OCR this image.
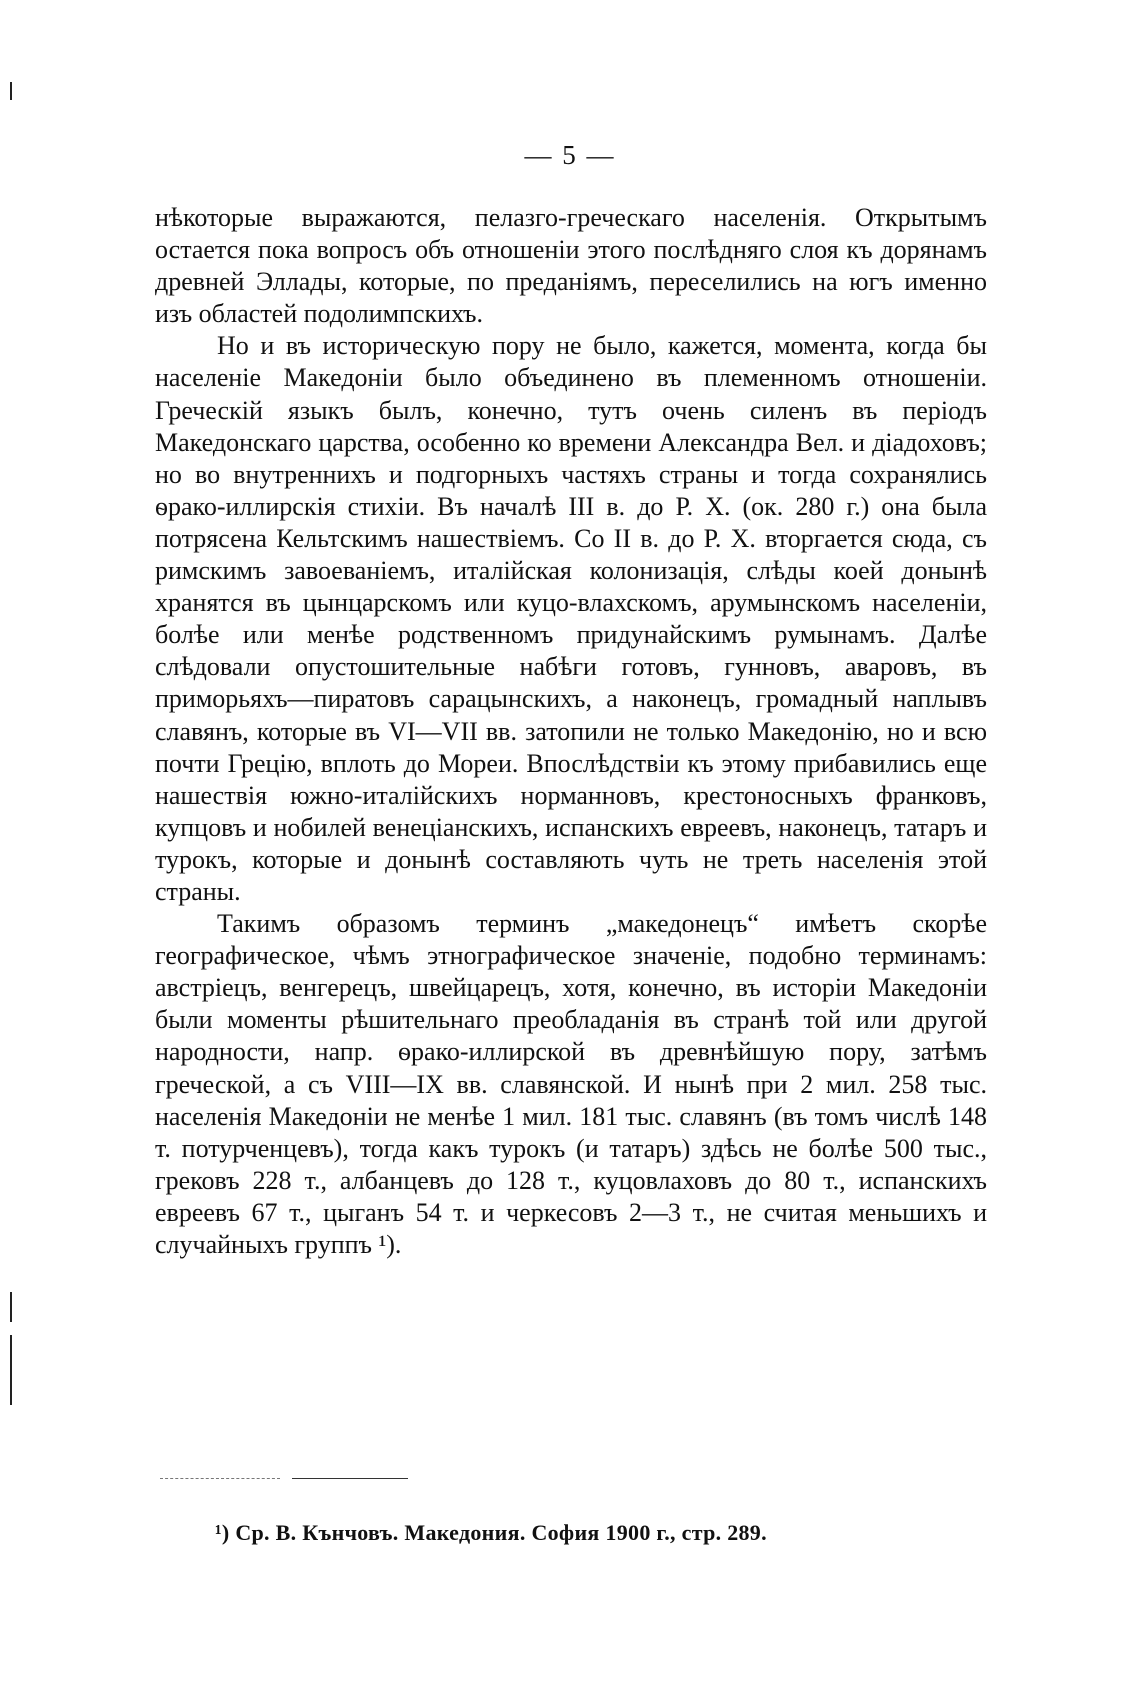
— 5 —

нѣкоторые выражаются, пелазго-греческаго населенія. Открытымъ остается пока вопросъ объ отношеніи этого послѣдняго слоя къ дорянамъ древней Эллады, которые, по преданіямъ, переселились на югъ именно изъ областей подолимпскихъ.

Но и въ историческую пору не было, кажется, момента, когда бы населеніе Македоніи было объединено въ племенномъ отношеніи. Греческій языкъ былъ, конечно, тутъ очень силенъ въ періодъ Македонскаго царства, особенно ко времени Александра Вел. и діадоховъ; но во внутреннихъ и подгорныхъ частяхъ страны и тогда сохранялись ѳрако-иллирскія стихіи. Въ началѣ III в. до Р. Х. (ок. 280 г.) она была потрясена Кельтскимъ нашествіемъ. Со II в. до Р. Х. вторгается сюда, съ римскимъ завоеваніемъ, италійская колонизація, слѣды коей донынѣ хранятся въ цынцарскомъ или куцо-влахскомъ, арумынскомъ населеніи, болѣе или менѣе родственномъ придунайскимъ румынамъ. Далѣе слѣдовали опустошительные набѣги готовъ, гунновъ, аваровъ, въ приморьяхъ—пиратовъ сарацынскихъ, а наконецъ, громадный наплывъ славянъ, которые въ VI—VII вв. затопили не только Македонію, но и всю почти Грецію, вплоть до Мореи. Впослѣдствіи къ этому прибавились еще нашествія южно-италійскихъ норманновъ, крестоносныхъ франковъ, купцовъ и нобилей венеціанскихъ, испанскихъ евреевъ, наконецъ, татаръ и турокъ, которые и донынѣ составляють чуть не треть населенія этой страны.

Такимъ образомъ терминъ „македонецъ“ имѣетъ скорѣе географическое, чѣмъ этнографическое значеніе, подобно терминамъ: австріецъ, венгерецъ, швейцарецъ, хотя, конечно, въ исторіи Македоніи были моменты рѣшительнаго преобладанія въ странѣ той или другой народности, напр. ѳрако-иллирской въ древнѣйшую пору, затѣмъ греческой, а съ VIII—IX вв. славянской. И нынѣ при 2 мил. 258 тыс. населенія Македоніи не менѣе 1 мил. 181 тыс. славянъ (въ томъ числѣ 148 т. потурченцевъ), тогда какъ турокъ (и татаръ) здѣсь не болѣе 500 тыс., грековъ 228 т., албанцевъ до 128 т., куцовлаховъ до 80 т., испанскихъ евреевъ 67 т., цыганъ 54 т. и черкесовъ 2—3 т., не считая меньшихъ и случайныхъ группъ ¹).

¹) Ср. В. Кънчовъ. Македония. София 1900 г., стр. 289.
